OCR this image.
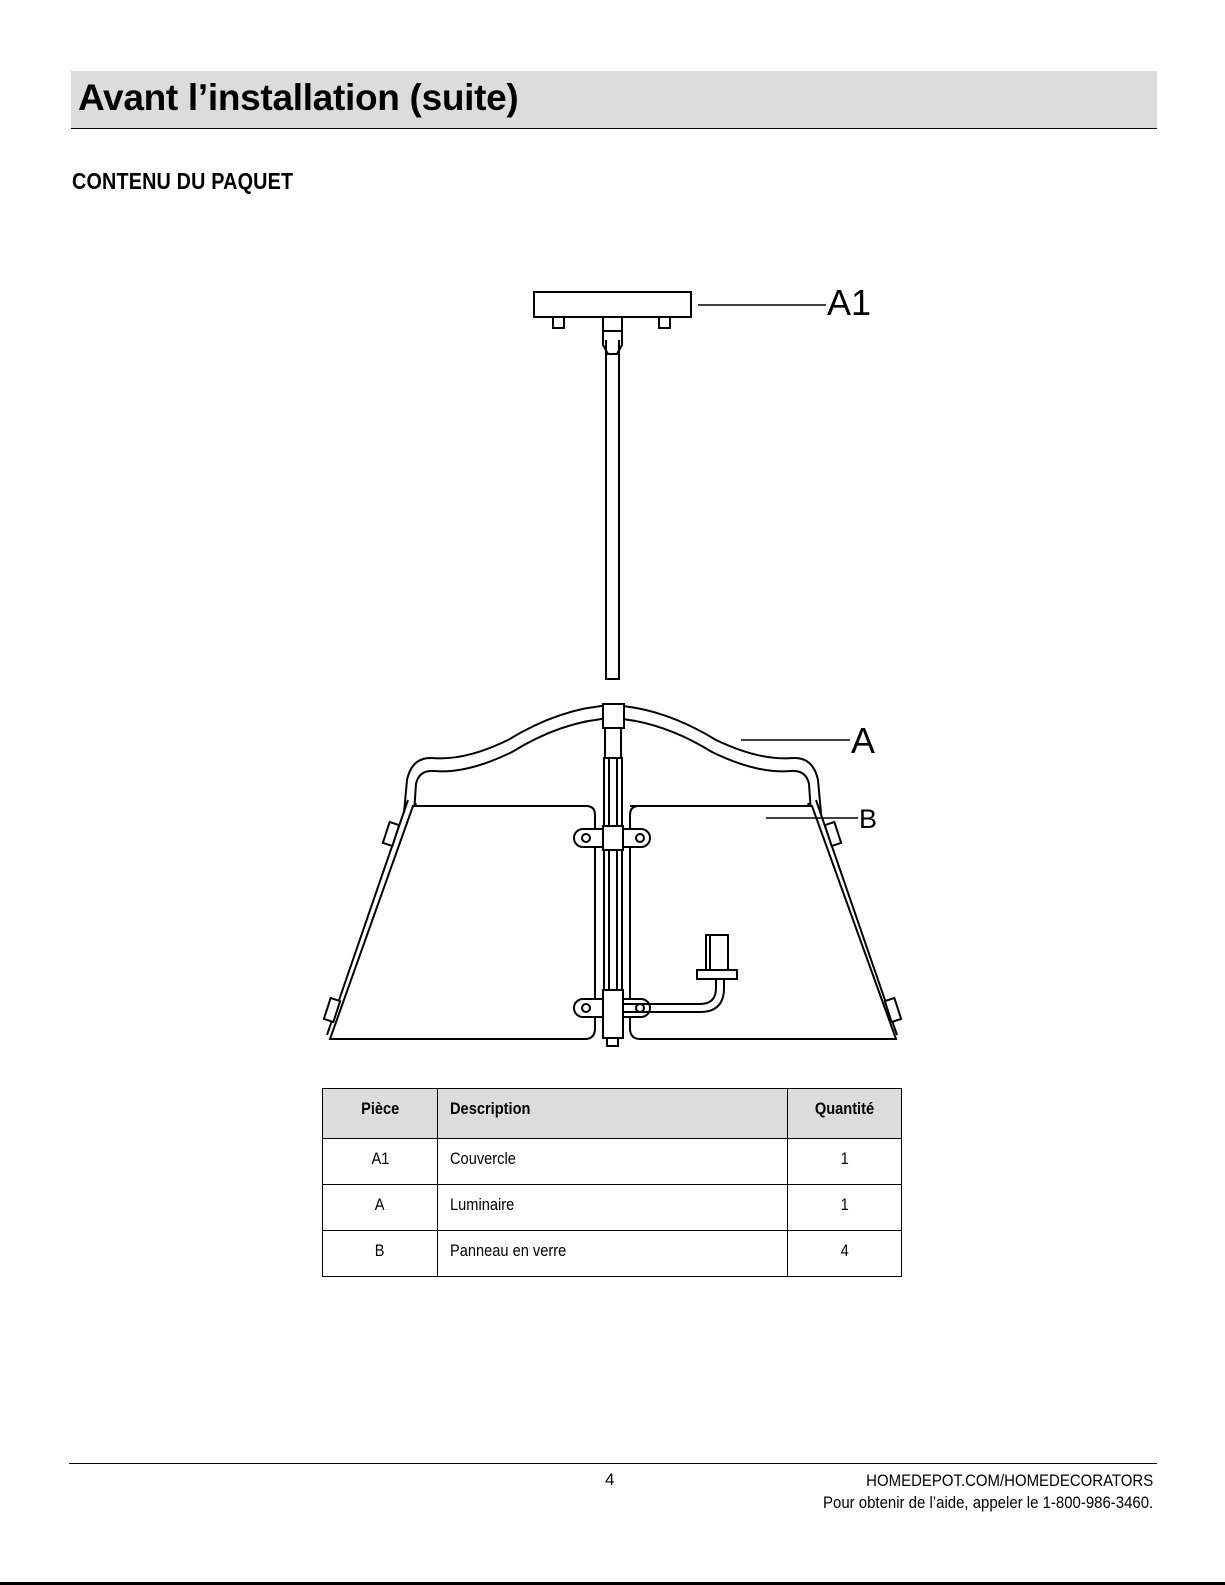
Avant l’installation (suite)
CONTENU DU PAQUET
A1
A
B
Pièce	Description	Quantité
A1	Couvercle	1
A	Luminaire	1
B	Panneau en verre	4
4	HOMEDEPOT.COM/HOMEDECORATORS
Pour obtenir de l’aide, appeler le 1-800-986-3460.
